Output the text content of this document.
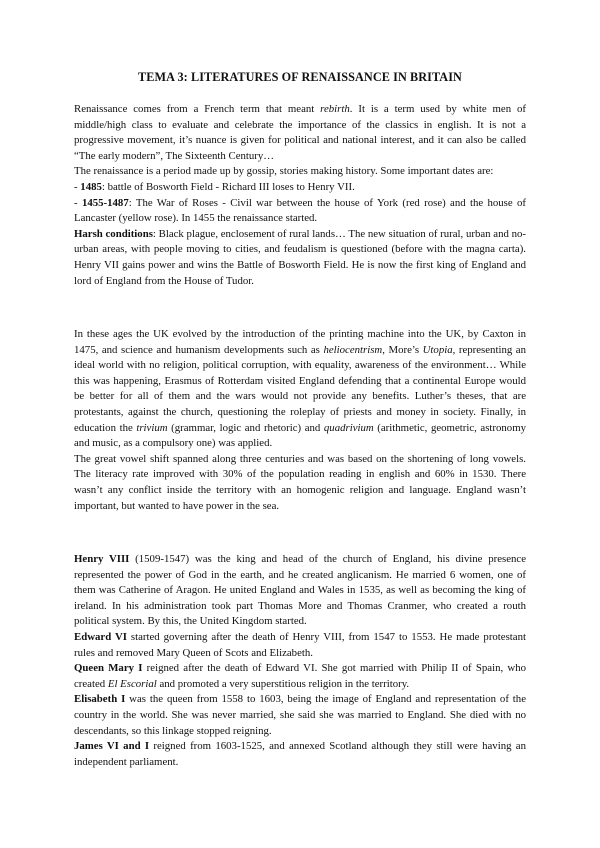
TEMA 3: LITERATURES OF RENAISSANCE IN BRITAIN

Renaissance comes from a French term that meant rebirth. It is a term used by white men of middle/high class to evaluate and celebrate the importance of the classics in english. It is not a progressive movement, it’s nuance is given for political and national interest, and it can also be called “The early modern”, The Sixteenth Century…

The renaissance is a period made up by gossip, stories making history. Some important dates are:

- 1485: battle of Bosworth Field - Richard III loses to Henry VII.

- 1455-1487: The War of Roses - Civil war between the house of York (red rose) and the house of Lancaster (yellow rose). In 1455 the renaissance started.

Harsh conditions: Black plague, enclosement of rural lands… The new situation of rural, urban and no-urban areas, with people moving to cities, and feudalism is questioned (before with the magna carta). Henry VII gains power and wins the Battle of Bosworth Field. He is now the first king of England and lord of England from the House of Tudor.

In these ages the UK evolved by the introduction of the printing machine into the UK, by Caxton in 1475, and science and humanism developments such as heliocentrism, More’s Utopia, representing an ideal world with no religion, political corruption, with equality, awareness of the environment… While this was happening, Erasmus of Rotterdam visited England defending that a continental Europe would be better for all of them and the wars would not provide any benefits. Luther’s theses, that are protestants, against the church, questioning the roleplay of priests and money in society. Finally, in education the trivium (grammar, logic and rhetoric) and quadrivium (arithmetic, geometric, astronomy and music, as a compulsory one) was applied.

The great vowel shift spanned along three centuries and was based on the shortening of long vowels. The literacy rate improved with 30% of the population reading in english and 60% in 1530. There wasn’t any conflict inside the territory with an homogenic religion and language. England wasn’t important, but wanted to have power in the sea.

Henry VIII (1509-1547) was the king and head of the church of England, his divine presence represented the power of God in the earth, and he created anglicanism. He married 6 women, one of them was Catherine of Aragon. He united England and Wales in 1535, as well as becoming the king of ireland. In his administration took part Thomas More and Thomas Cranmer, who created a routh political system. By this, the United Kingdom started.

Edward VI started governing after the death of Henry VIII, from 1547 to 1553. He made protestant rules and removed Mary Queen of Scots and Elizabeth.

Queen Mary I reigned after the death of Edward VI. She got married with Philip II of Spain, who created El Escorial and promoted a very superstitious religion in the territory.

Elisabeth I was the queen from 1558 to 1603, being the image of England and representation of the country in the world. She was never married, she said she was married to England. She died with no descendants, so this linkage stopped reigning.

James VI and I reigned from 1603-1525, and annexed Scotland although they still were having an independent parliament.
